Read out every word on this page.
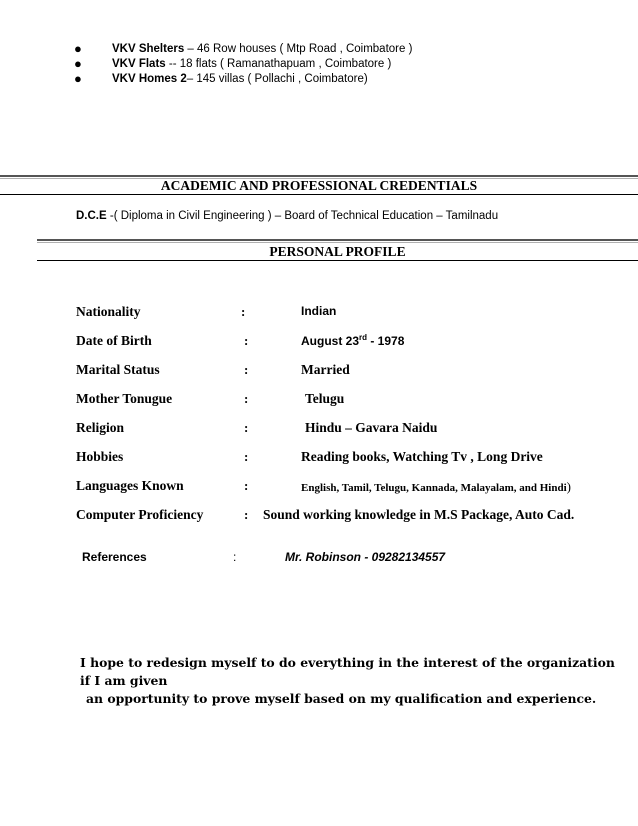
●	VKV Shelters – 46 Row houses ( Mtp Road , Coimbatore )
●	VKV Flats -- 18 flats ( Ramanathapuam , Coimbatore )
●	VKV Homes 2– 145 villas ( Pollachi , Coimbatore)
ACADEMIC AND PROFESSIONAL CREDENTIALS
D.C.E -( Diploma in Civil Engineering ) – Board of Technical Education – Tamilnadu
PERSONAL PROFILE
Nationality	:	Indian
Date of Birth	:	August 23rd - 1978
Marital Status	:	Married
Mother Tonugue	:	Telugu
Religion	:	Hindu – Gavara Naidu
Hobbies	:	Reading books, Watching Tv , Long Drive
Languages Known	:	English, Tamil, Telugu, Kannada, Malayalam, and Hindi)
Computer Proficiency	: Sound working knowledge in M.S Package, Auto Cad.
References	:	Mr. Robinson - 09282134557
I hope to redesign myself to do everything in the interest of the organization if I am given
an opportunity to prove myself based on my qualification and experience.
